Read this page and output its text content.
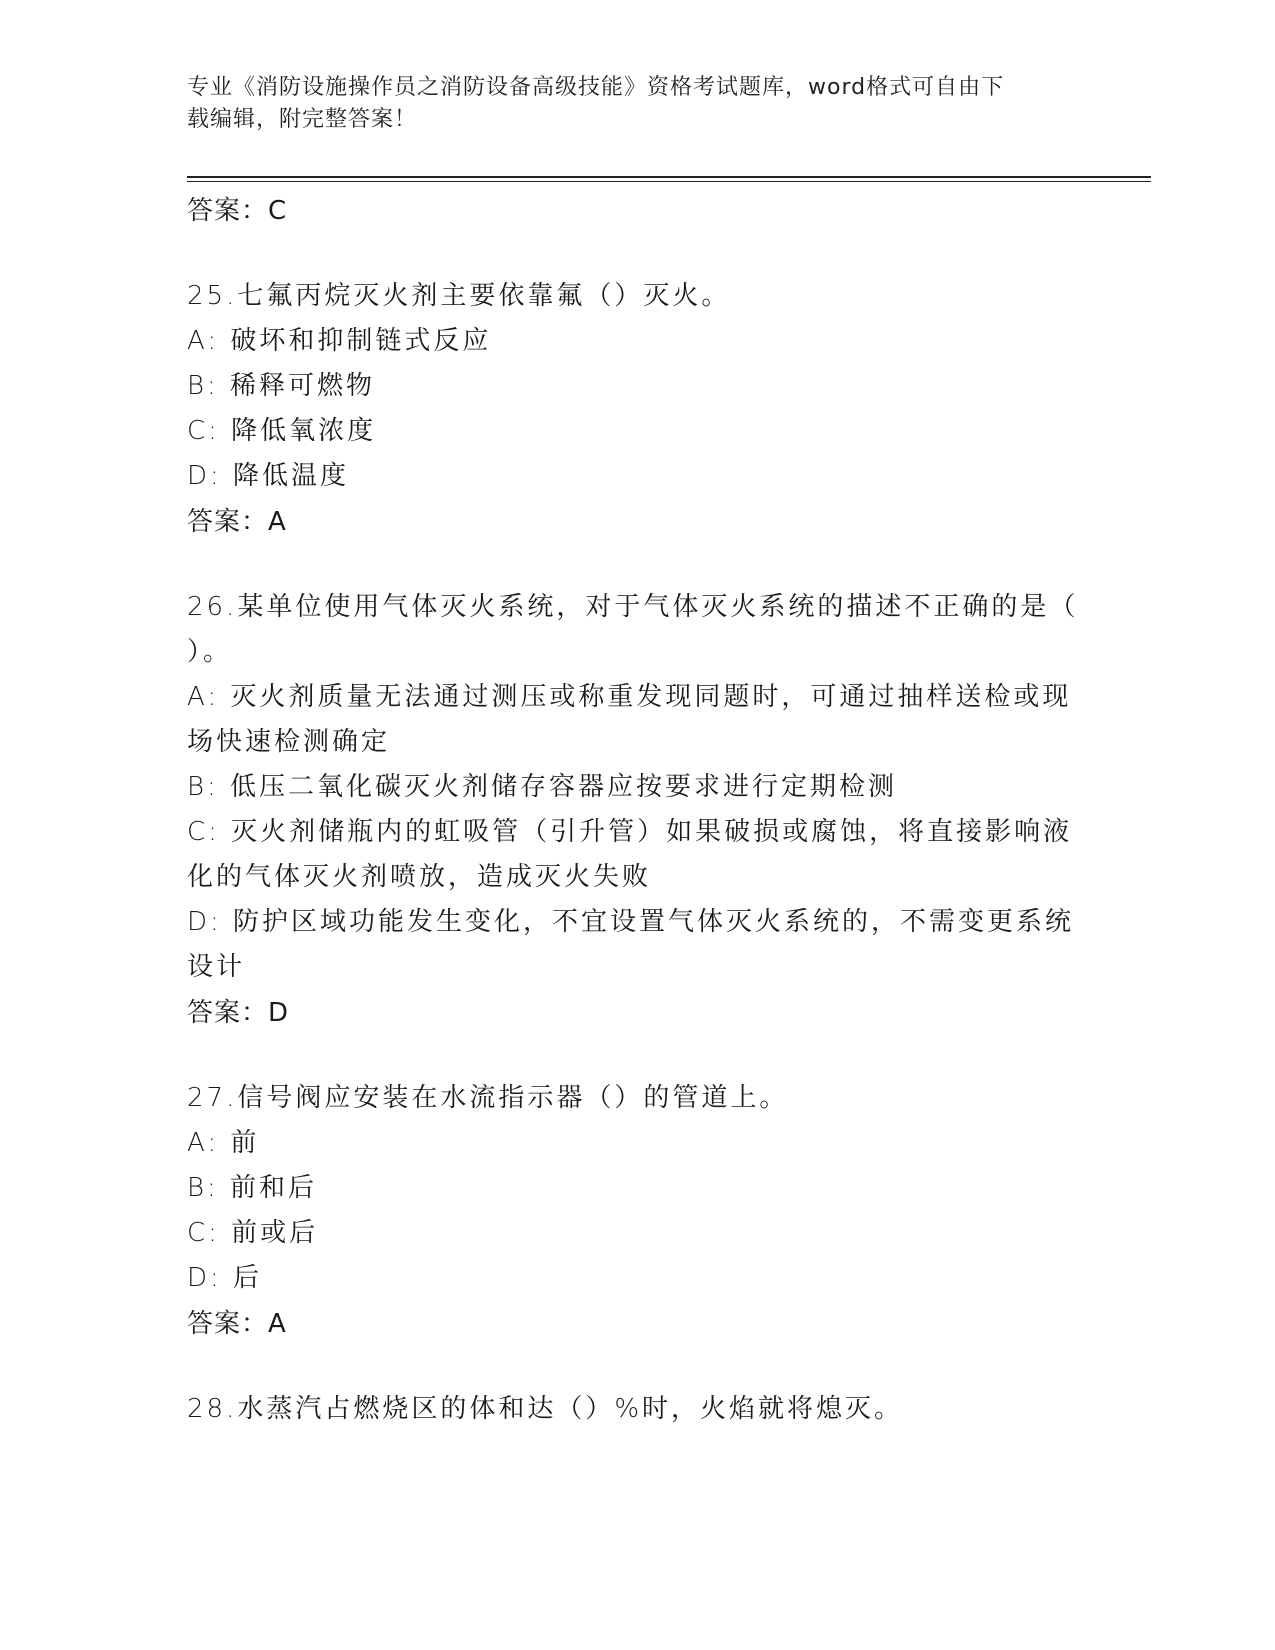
专业《消防设施操作员之消防设备高级技能》资格考试题库，word格式可自由下
载编辑，附完整答案！

答案：C

25.七氟丙烷灭火剂主要依靠氟（）灭火。

A: 破坏和抑制链式反应

B: 稀释可燃物

C: 降低氧浓度

D: 降低温度

答案：A

26.某单位使用气体灭火系统，对于气体灭火系统的描述不正确的是（

）。

A: 灭火剂质量无法通过测压或称重发现同题时，可通过抽样送检或现

场快速检测确定

B: 低压二氧化碳灭火剂储存容器应按要求进行定期检测

C: 灭火剂储瓶内的虹吸管（引升管）如果破损或腐蚀，将直接影响液

化的气体灭火剂喷放，造成灭火失败

D: 防护区域功能发生变化，不宜设置气体灭火系统的，不需变更系统

设计

答案：D

27.信号阀应安装在水流指示器（）的管道上。

A: 前

B: 前和后

C: 前或后

D: 后

答案：A

28.水蒸汽占燃烧区的体和达（）%时，火焰就将熄灭。
